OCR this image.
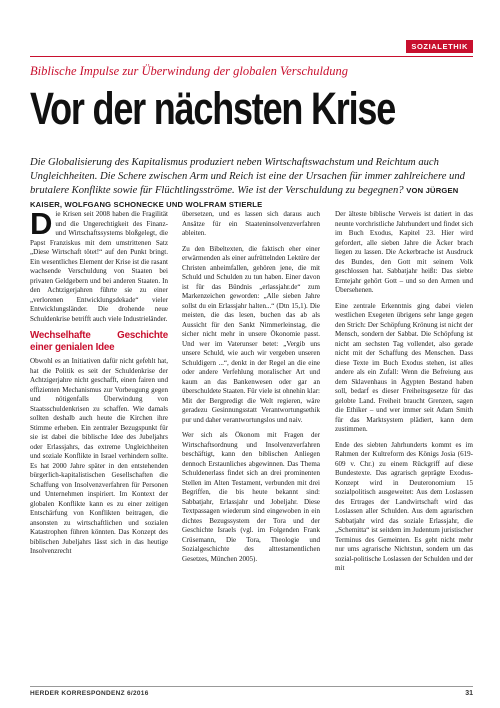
SOZIALETHIK
Biblische Impulse zur Überwindung der globalen Verschuldung
Vor der nächsten Krise

Die Globalisierung des Kapitalismus produziert neben Wirtschaftswachstum und Reichtum auch Ungleichheiten. Die Schere zwischen Arm und Reich ist eine der Ursachen für immer zahlreichere und brutalere Konflikte sowie für Flüchtlingsströme. Wie ist der Verschuldung zu begegnen? VON JÜRGEN KAISER, WOLFGANG SCHONECKE UND WOLFRAM STIERLE

Die Krisen seit 2008 haben die Fragilität und die Ungerechtigkeit des Finanz- und Wirtschaftssystems bloßgelegt, die Papst Franziskus mit dem umstrittenen Satz „Diese Wirtschaft tötet!“ auf den Punkt bringt. Ein wesentliches Element der Krise ist die rasant wachsende Verschuldung von Staaten bei privaten Geldgebern und bei anderen Staaten. In den Achtzigerjahren führte sie zu einer „verlorenen Entwicklungsdekade“ vieler Entwicklungsländer. Die drohende neue Schuldenkrise betrifft auch viele Industrieländer.

Wechselhafte Geschichte einer genialen Idee

Obwohl es an Initiativen dafür nicht gefehlt hat, hat die Politik es seit der Schuldenkrise der Achtzigerjahre nicht geschafft, einen fairen und effizienten Mechanismus zur Vorbeugung gegen und nötigenfalls Überwindung von Staatsschuldenkrisen zu schaffen. Wie damals sollten deshalb auch heute die Kirchen ihre Stimme erheben. Ein zentraler Bezugspunkt für sie ist dabei die biblische Idee des Jubeljahrs oder Erlassjahrs, das extreme Ungleichheiten und soziale Konflikte in Israel verhindern sollte. Es hat 2000 Jahre später in den entstehenden bürgerlich-kapitalistischen Gesellschaften die Schaffung von Insolvenzverfahren für Personen und Unternehmen inspiriert. Im Kontext der globalen Konflikte kann es zu einer zeitigen Entschärfung von Konflikten beitragen, die ansonsten zu wirtschaftlichen und sozialen Katastrophen führen könnten. Das Konzept des biblischen Jubeljahrs lässt sich in das heutige Insolvenzrecht

übersetzen, und es lassen sich daraus auch Ansätze für ein Staateninsolvenzverfahren ableiten.

Zu den Bibeltexten, die faktisch eher einer erwärmenden als einer aufrüttelnden Lektüre der Christen anheimfallen, gehören jene, die mit Schuld und Schulden zu tun haben. Einer davon ist für das Bündnis „erlassjahr.de“ zum Markenzeichen geworden: „Alle sieben Jahre sollst du ein Erlassjahr halten...“ (Dtn 15,1). Die meisten, die das lesen, buchen das ab als Aussicht für den Sankt Nimmerleinstag, die sicher nicht mehr in unsere Ökonomie passt. Und wer im Vaterunser betet: „Vergib uns unsere Schuld, wie auch wir vergeben unseren Schuldigern ...“, denkt in der Regel an die eine oder andere Verfehlung moralischer Art und kaum an das Bankenwesen oder gar an überschuldete Staaten. Für viele ist ohnehin klar: Mit der Bergpredigt die Welt regieren, wäre geradezu Gesinnungsstatt Verantwortungsethik pur und daher verantwortungslos und naiv.

Wer sich als Ökonom mit Fragen der Wirtschaftsordnung und Insolvenzverfahren beschäftigt, kann den biblischen Anliegen dennoch Erstaunliches abgewinnen. Das Thema Schuldenerlass findet sich an drei prominenten Stellen im Alten Testament, verbunden mit drei Begriffen, die bis heute bekannt sind: Sabbatjahr, Erlassjahr und Jobeljahr. Diese Textpassagen wiederum sind eingewoben in ein dichtes Bezugssystem der Tora und der Geschichte Israels (vgl. im Folgenden Frank Crüsemann, Die Tora, Theologie und Sozialgeschichte des alttestamentlichen Gesetzes, München 2005).

Der älteste biblische Verweis ist datiert in das neunte vorchristliche Jahrhundert und findet sich im Buch Exodus, Kapitel 23. Hier wird gefordert, alle sieben Jahre die Äcker brach liegen zu lassen. Die Ackerbrache ist Ausdruck des Bundes, den Gott mit seinem Volk geschlossen hat. Sabbatjahr heißt: Das siebte Erntejahr gehört Gott – und so den Armen und Übersehenen.

Eine zentrale Erkenntnis ging dabei vielen westlichen Exegeten übrigens sehr lange gegen den Strich: Der Schöpfung Krönung ist nicht der Mensch, sondern der Sabbat. Die Schöpfung ist nicht am sechsten Tag vollendet, also gerade nicht mit der Schaffung des Menschen. Dass diese Texte im Buch Exodus stehen, ist alles andere als ein Zufall: Wenn die Befreiung aus dem Sklavenhaus in Ägypten Bestand haben soll, bedarf es dieser Freiheitsgesetze für das gelobte Land. Freiheit braucht Grenzen, sagen die Ethiker – und wer immer seit Adam Smith für das Marktsystem plädiert, kann dem zustimmen.

Ende des siebten Jahrhunderts kommt es im Rahmen der Kultreform des Königs Josia (619-609 v. Chr.) zu einem Rückgriff auf diese Bundestexte. Das agrarisch geprägte Exodus-Konzept wird in Deuteronomium 15 sozialpolitisch ausgeweitet: Aus dem Loslassen des Ertrages der Landwirtschaft wird das Loslassen aller Schulden. Aus dem agrarischen Sabbatjahr wird das soziale Erlassjahr, die „Schemitta“ ist seitdem im Judentum juristischer Terminus des Gemeinten. Es geht nicht mehr nur ums agrarische Nichtstun, sondern um das sozial-politische Loslassen der Schulden und der mit

HERDER KORRESPONDENZ 6/2016	31
